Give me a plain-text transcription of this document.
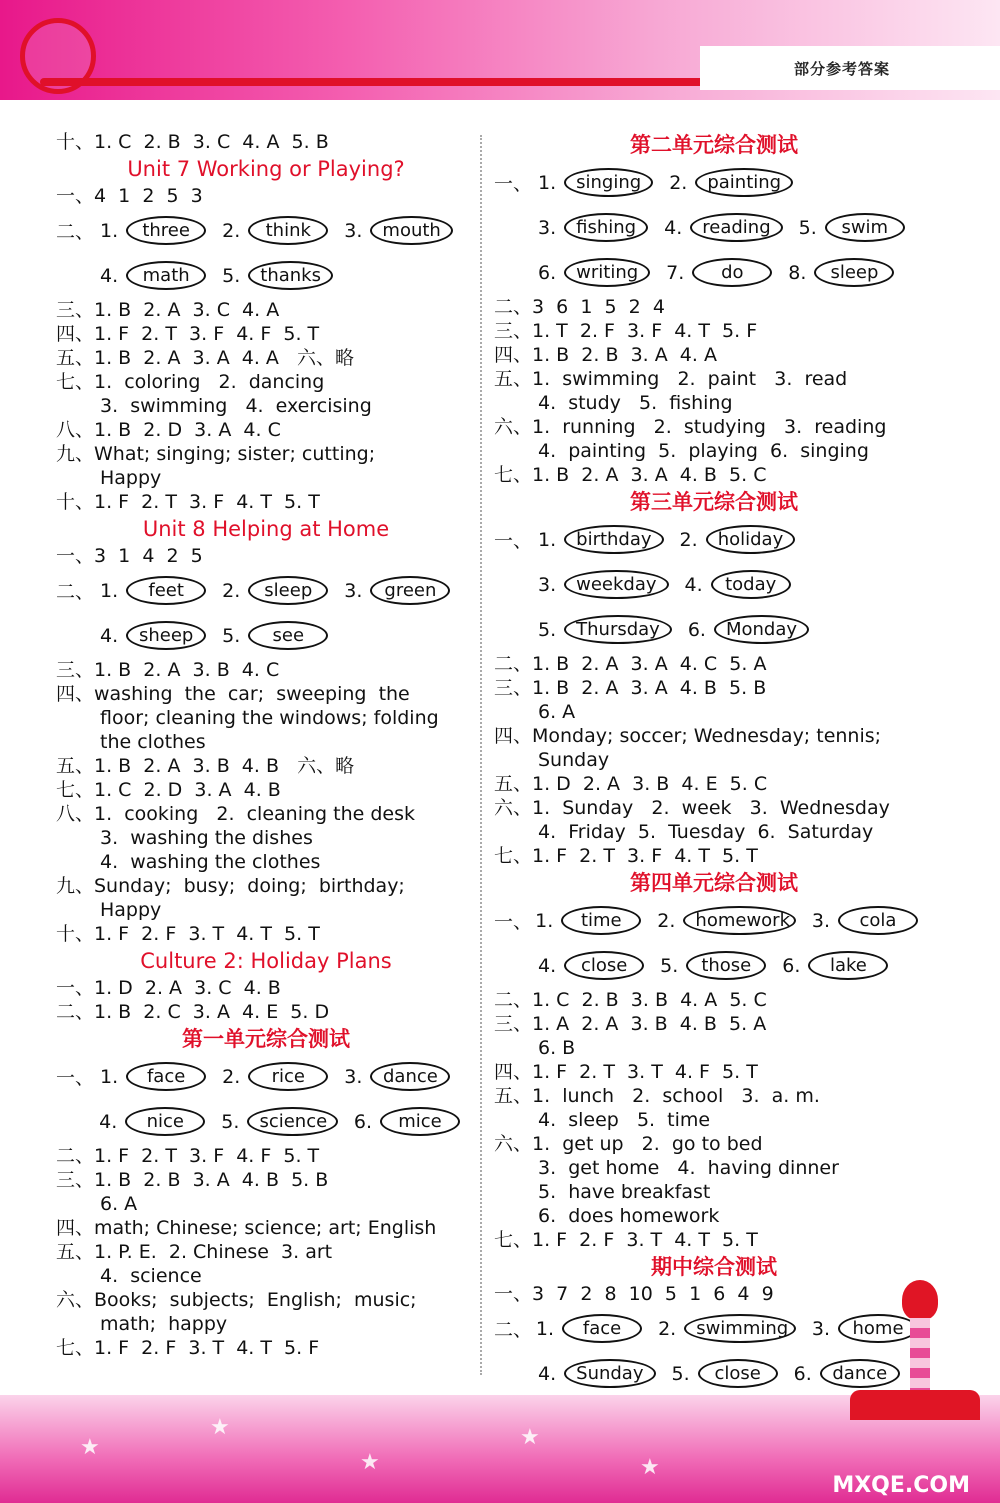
部分参考答案
十、1. C  2. B  3. C  4. A  5. B
Unit 7 Working or Playing?
一、4  1  2  5  3
二、 1.	three	2.	think	3.	mouth
4.	math	5.	thanks
三、1. B  2. A  3. C  4. A
四、1. F  2. T  3. F  4. F  5. T
五、1. B  2. A  3. A  4. A   六、略
七、1.  coloring   2.  dancing
3.  swimming   4.  exercising
八、1. B  2. D  3. A  4. C
九、What; singing; sister; cutting;
Happy
十、1. F  2. T  3. F  4. T  5. T
Unit 8 Helping at Home
一、3  1  4  2  5
二、 1.	feet	2.	sleep	3.	green
4.	sheep	5.	see
三、1. B  2. A  3. B  4. C
四、washing  the  car;  sweeping  the
floor; cleaning the windows; folding
the clothes
五、1. B  2. A  3. B  4. B   六、略
七、1. C  2. D  3. A  4. B
八、1.  cooking   2.  cleaning the desk
3.  washing the dishes
4.  washing the clothes
九、Sunday;  busy;  doing;  birthday;
Happy
十、1. F  2. F  3. T  4. T  5. T
Culture 2: Holiday Plans
一、1. D  2. A  3. C  4. B
二、1. B  2. C  3. A  4. E  5. D
第一单元综合测试
一、 1.	face	2.	rice	3.	dance
4.	nice	5.	science	6.	mice
二、1. F  2. T  3. F  4. F  5. T
三、1. B  2. B  3. A  4. B  5. B
6. A
四、math; Chinese; science; art; English
五、1. P. E.  2. Chinese  3. art
4.  science
六、Books;  subjects;  English;  music;
math;  happy
七、1. F  2. F  3. T  4. T  5. F
第二单元综合测试
一、 1.	singing	2.	painting
3.	fishing	4.	reading	5.	swim
6.	writing	7.	do	8.	sleep
二、3  6  1  5  2  4
三、1. T  2. F  3. F  4. T  5. F
四、1. B  2. B  3. A  4. A
五、1.  swimming   2.  paint   3.  read
4.  study   5.  fishing
六、1.  running   2.  studying   3.  reading
4.  painting  5.  playing  6.  singing
七、1. B  2. A  3. A  4. B  5. C
第三单元综合测试
一、 1.	birthday	2.	holiday
3.	weekday	4.	today
5.	Thursday	6.	Monday
二、1. B  2. A  3. A  4. C  5. A
三、1. B  2. A  3. A  4. B  5. B
6. A
四、Monday; soccer; Wednesday; tennis;
Sunday
五、1. D  2. A  3. B  4. E  5. C
六、1.  Sunday   2.  week   3.  Wednesday
4.  Friday  5.  Tuesday  6.  Saturday
七、1. F  2. T  3. F  4. T  5. T
第四单元综合测试
一、 1.	time	2.	homework	3.	cola
4.	close	5.	those	6.	lake
二、1. C  2. B  3. B  4. A  5. C
三、1. A  2. A  3. B  4. B  5. A
6. B
四、1. F  2. T  3. T  4. F  5. T
五、1.  lunch   2.  school   3.  a. m.
4.  sleep   5.  time
六、1.  get up   2.  go to bed
3.  get home   4.  having dinner
5.  have breakfast
6.  does homework
七、1. F  2. F  3. T  4. T  5. T
期中综合测试
一、3  7  2  8  10  5  1  6  4  9
二、 1.	face	2.	swimming	3.	home
4.	Sunday	5.	close	6.	dance
★
★
★
★
★
MXQE.COM
